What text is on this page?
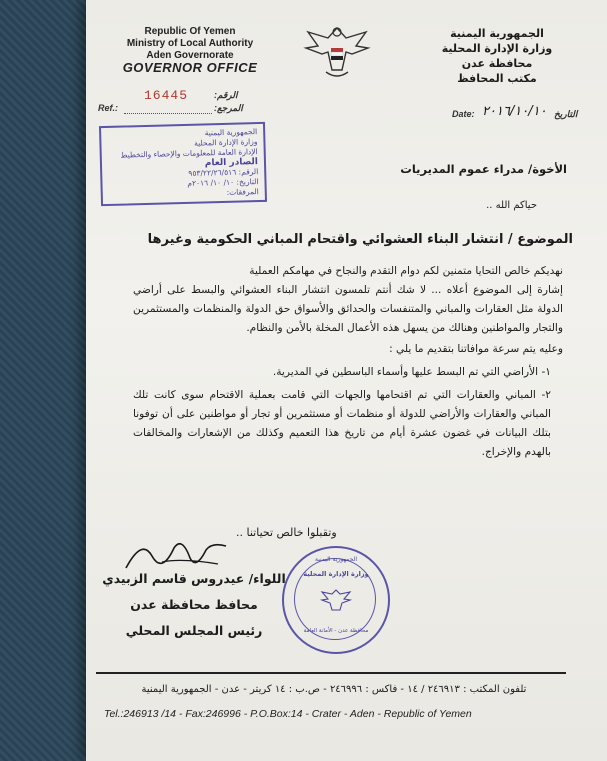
Republic Of Yemen
Ministry of Local Authority
Aden Governorate
GOVERNOR OFFICE
16445	الرقم:
Ref.:	المرجع:
الجمهورية اليمنية
وزارة الإدارة المحلية
محافظة عدن
مكتب المحافظ
Date: ٢٠١٦/١٠/١٠ التاريخ
الجمهورية اليمنية
وزارة الإدارة المحلية
الإدارة العامة للمعلومات والإحصاء والتخطيط
الصادر العام
الرقم: ٩٥٣/٢٢/٢٦/٥١٦
التاريخ: ١٠/ ١٠/ ٢٠١٦م
المرفقات:
الأخوة/ مدراء عموم المديريات
حياكم الله ..
الموضوع / انتشار البناء العشوائي واقتحام المباني الحكومية وغيرها
نهديكم خالص التحايا متمنين لكم دوام التقدم والنجاح في مهامكم العملية
إشارة إلى الموضوع أعلاه ... لا شك أنتم تلمسون انتشار البناء العشوائي والبسط على أراضي الدولة مثل العقارات والمباني والمتنفسات والحدائق والأسواق حق الدولة والمنظمات والمستثمرين والتجار والمواطنين وهنالك من يسهل هذه الأعمال المخلة بالأمن والنظام.
وعليه يتم سرعة موافاتنا بتقديم ما يلي :
١- الأراضي التي تم البسط عليها وأسماء الباسطين في المديرية.
٢- المباني والعقارات التي تم اقتحامها والجهات التي قامت بعملية الاقتحام سوى كانت تلك المباني والعقارات والأراضي للدولة أو منظمات أو مستثمرين أو تجار أو مواطنين على أن توفونا بتلك البيانات في غضون عشرة أيام من تاريخ هذا التعميم وكذلك من الإشعارات والمخالفات بالهدم والإخراج.
وتقبلوا خالص تحياتنا ..
اللواء/ عيدروس قاسم الزبيدي
محافظ محافظة عدن
رئيس المجلس المحلي
الجمهورية اليمنية
وزارة الإدارة المحلية
محافظة عدن - الأمانة العامة
تلفون المكتب : ٢٤٦٩١٣ / ١٤ - فاكس : ٢٤٦٩٩٦ - ص.ب : ١٤ كريتر - عدن - الجمهورية اليمنية
Tel.:246913 /14 - Fax:246996 - P.O.Box:14 - Crater - Aden - Republic of Yemen
